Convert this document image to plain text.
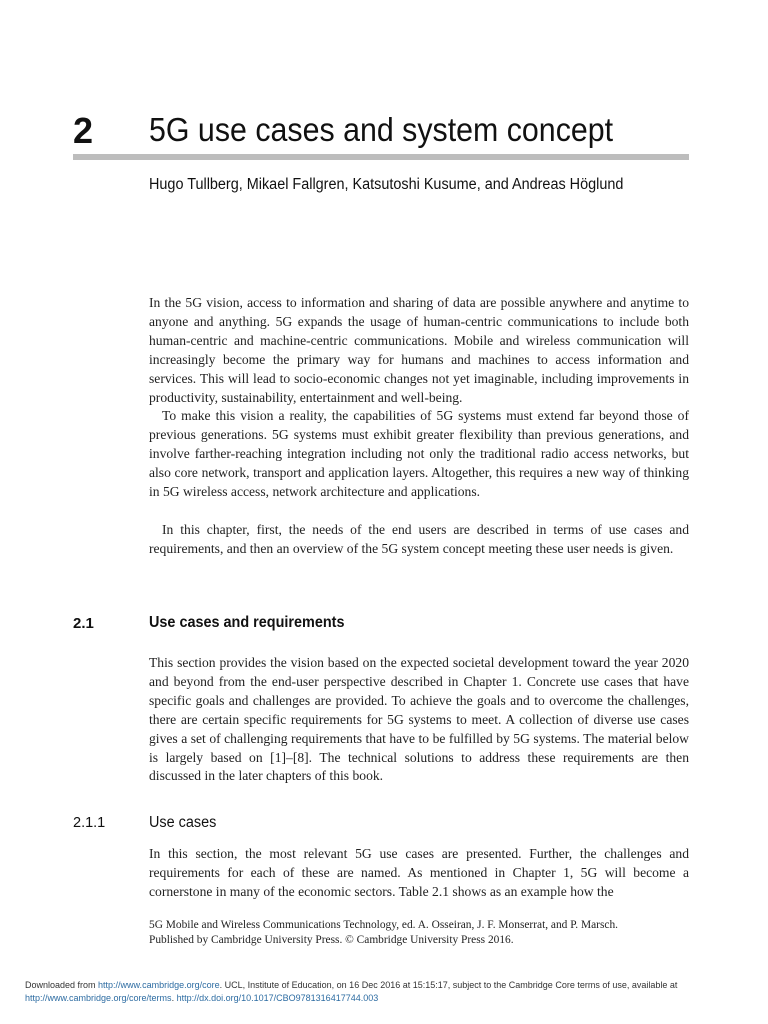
2 5G use cases and system concept
Hugo Tullberg, Mikael Fallgren, Katsutoshi Kusume, and Andreas Höglund

In the 5G vision, access to information and sharing of data are possible anywhere and anytime to anyone and anything. 5G expands the usage of human-centric communications to include both human-centric and machine-centric communications. Mobile and wireless communication will increasingly become the primary way for humans and machines to access information and services. This will lead to socio-economic changes not yet imaginable, including improvements in productivity, sustainability, entertainment and well-being.

To make this vision a reality, the capabilities of 5G systems must extend far beyond those of previous generations. 5G systems must exhibit greater flexibility than previous generations, and involve farther-reaching integration including not only the traditional radio access networks, but also core network, transport and application layers. Altogether, this requires a new way of thinking in 5G wireless access, network architecture and applications.

In this chapter, first, the needs of the end users are described in terms of use cases and requirements, and then an overview of the 5G system concept meeting these user needs is given.

2.1	Use cases and requirements

This section provides the vision based on the expected societal development toward the year 2020 and beyond from the end-user perspective described in Chapter 1. Concrete use cases that have specific goals and challenges are provided. To achieve the goals and to overcome the challenges, there are certain specific requirements for 5G systems to meet. A collection of diverse use cases gives a set of challenging requirements that have to be fulfilled by 5G systems. The material below is largely based on [1]–[8]. The technical solutions to address these requirements are then discussed in the later chapters of this book.

2.1.1	Use cases

In this section, the most relevant 5G use cases are presented. Further, the challenges and requirements for each of these are named. As mentioned in Chapter 1, 5G will become a cornerstone in many of the economic sectors. Table 2.1 shows as an example how the

5G Mobile and Wireless Communications Technology, ed. A. Osseiran, J. F. Monserrat, and P. Marsch.
Published by Cambridge University Press. © Cambridge University Press 2016.

Downloaded from http://www.cambridge.org/core. UCL, Institute of Education, on 16 Dec 2016 at 15:15:17, subject to the Cambridge Core terms of use, available at
http://www.cambridge.org/core/terms. http://dx.doi.org/10.1017/CBO9781316417744.003
